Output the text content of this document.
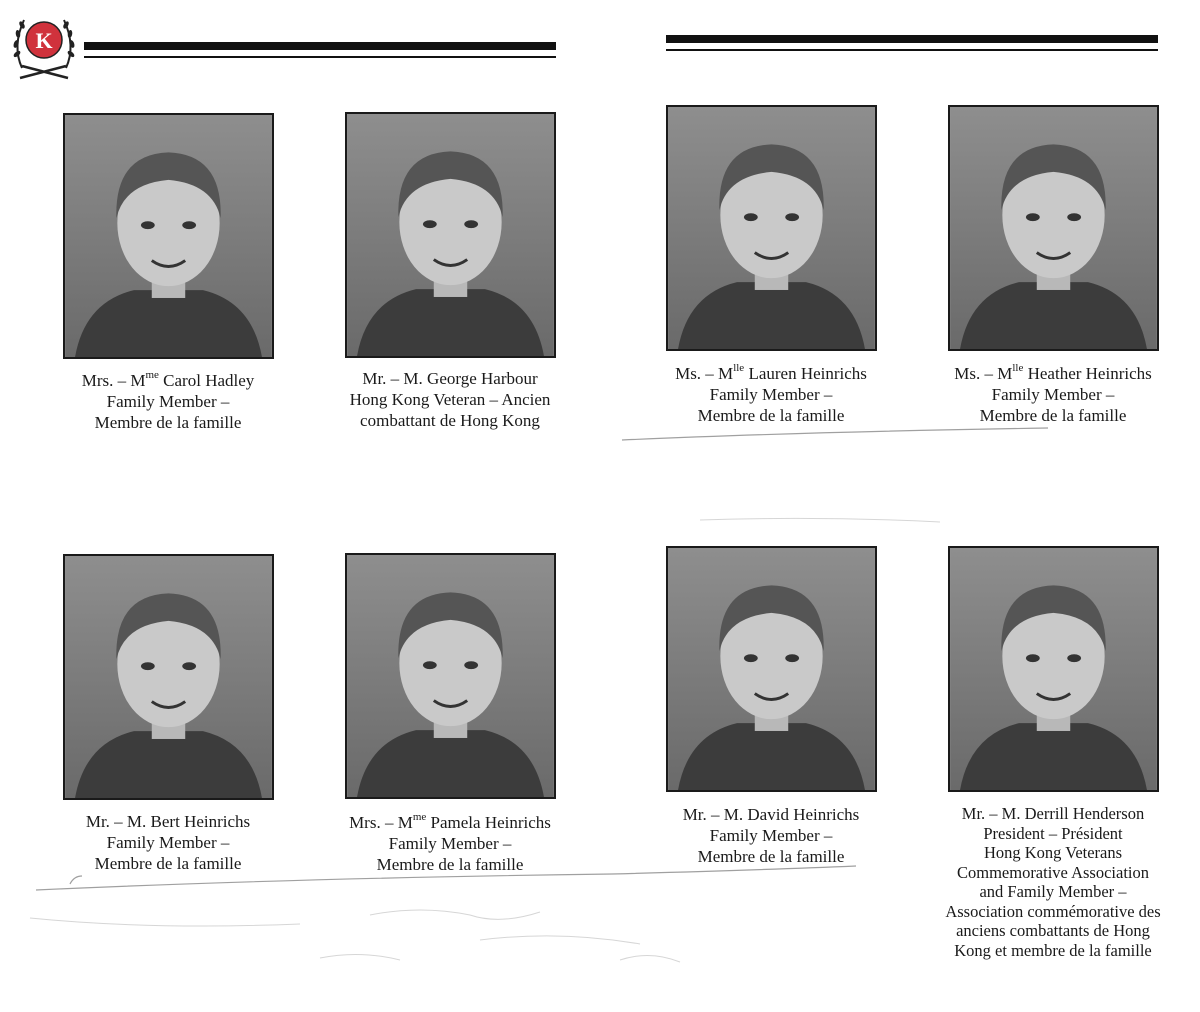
K
Mrs. – $M^{me}$ Carol Hadley
Family Member –
Membre de la famille
Mr. – M. George Harbour
Hong Kong Veteran – Ancien
combattant de Hong Kong
Ms. – $M^{lle}$ Lauren Heinrichs
Family Member –
Membre de la famille
Ms. – $M^{lle}$ Heather Heinrichs
Family Member –
Membre de la famille
Mr. – M. Bert Heinrichs
Family Member –
Membre de la famille
Mrs. – $M^{me}$ Pamela Heinrichs
Family Member –
Membre de la famille
Mr. – M. David Heinrichs
Family Member –
Membre de la famille
Mr. – M. Derrill Henderson
President – Président
Hong Kong Veterans
Commemorative Association
and Family Member –
Association commémorative des
anciens combattants de Hong
Kong et membre de la famille
